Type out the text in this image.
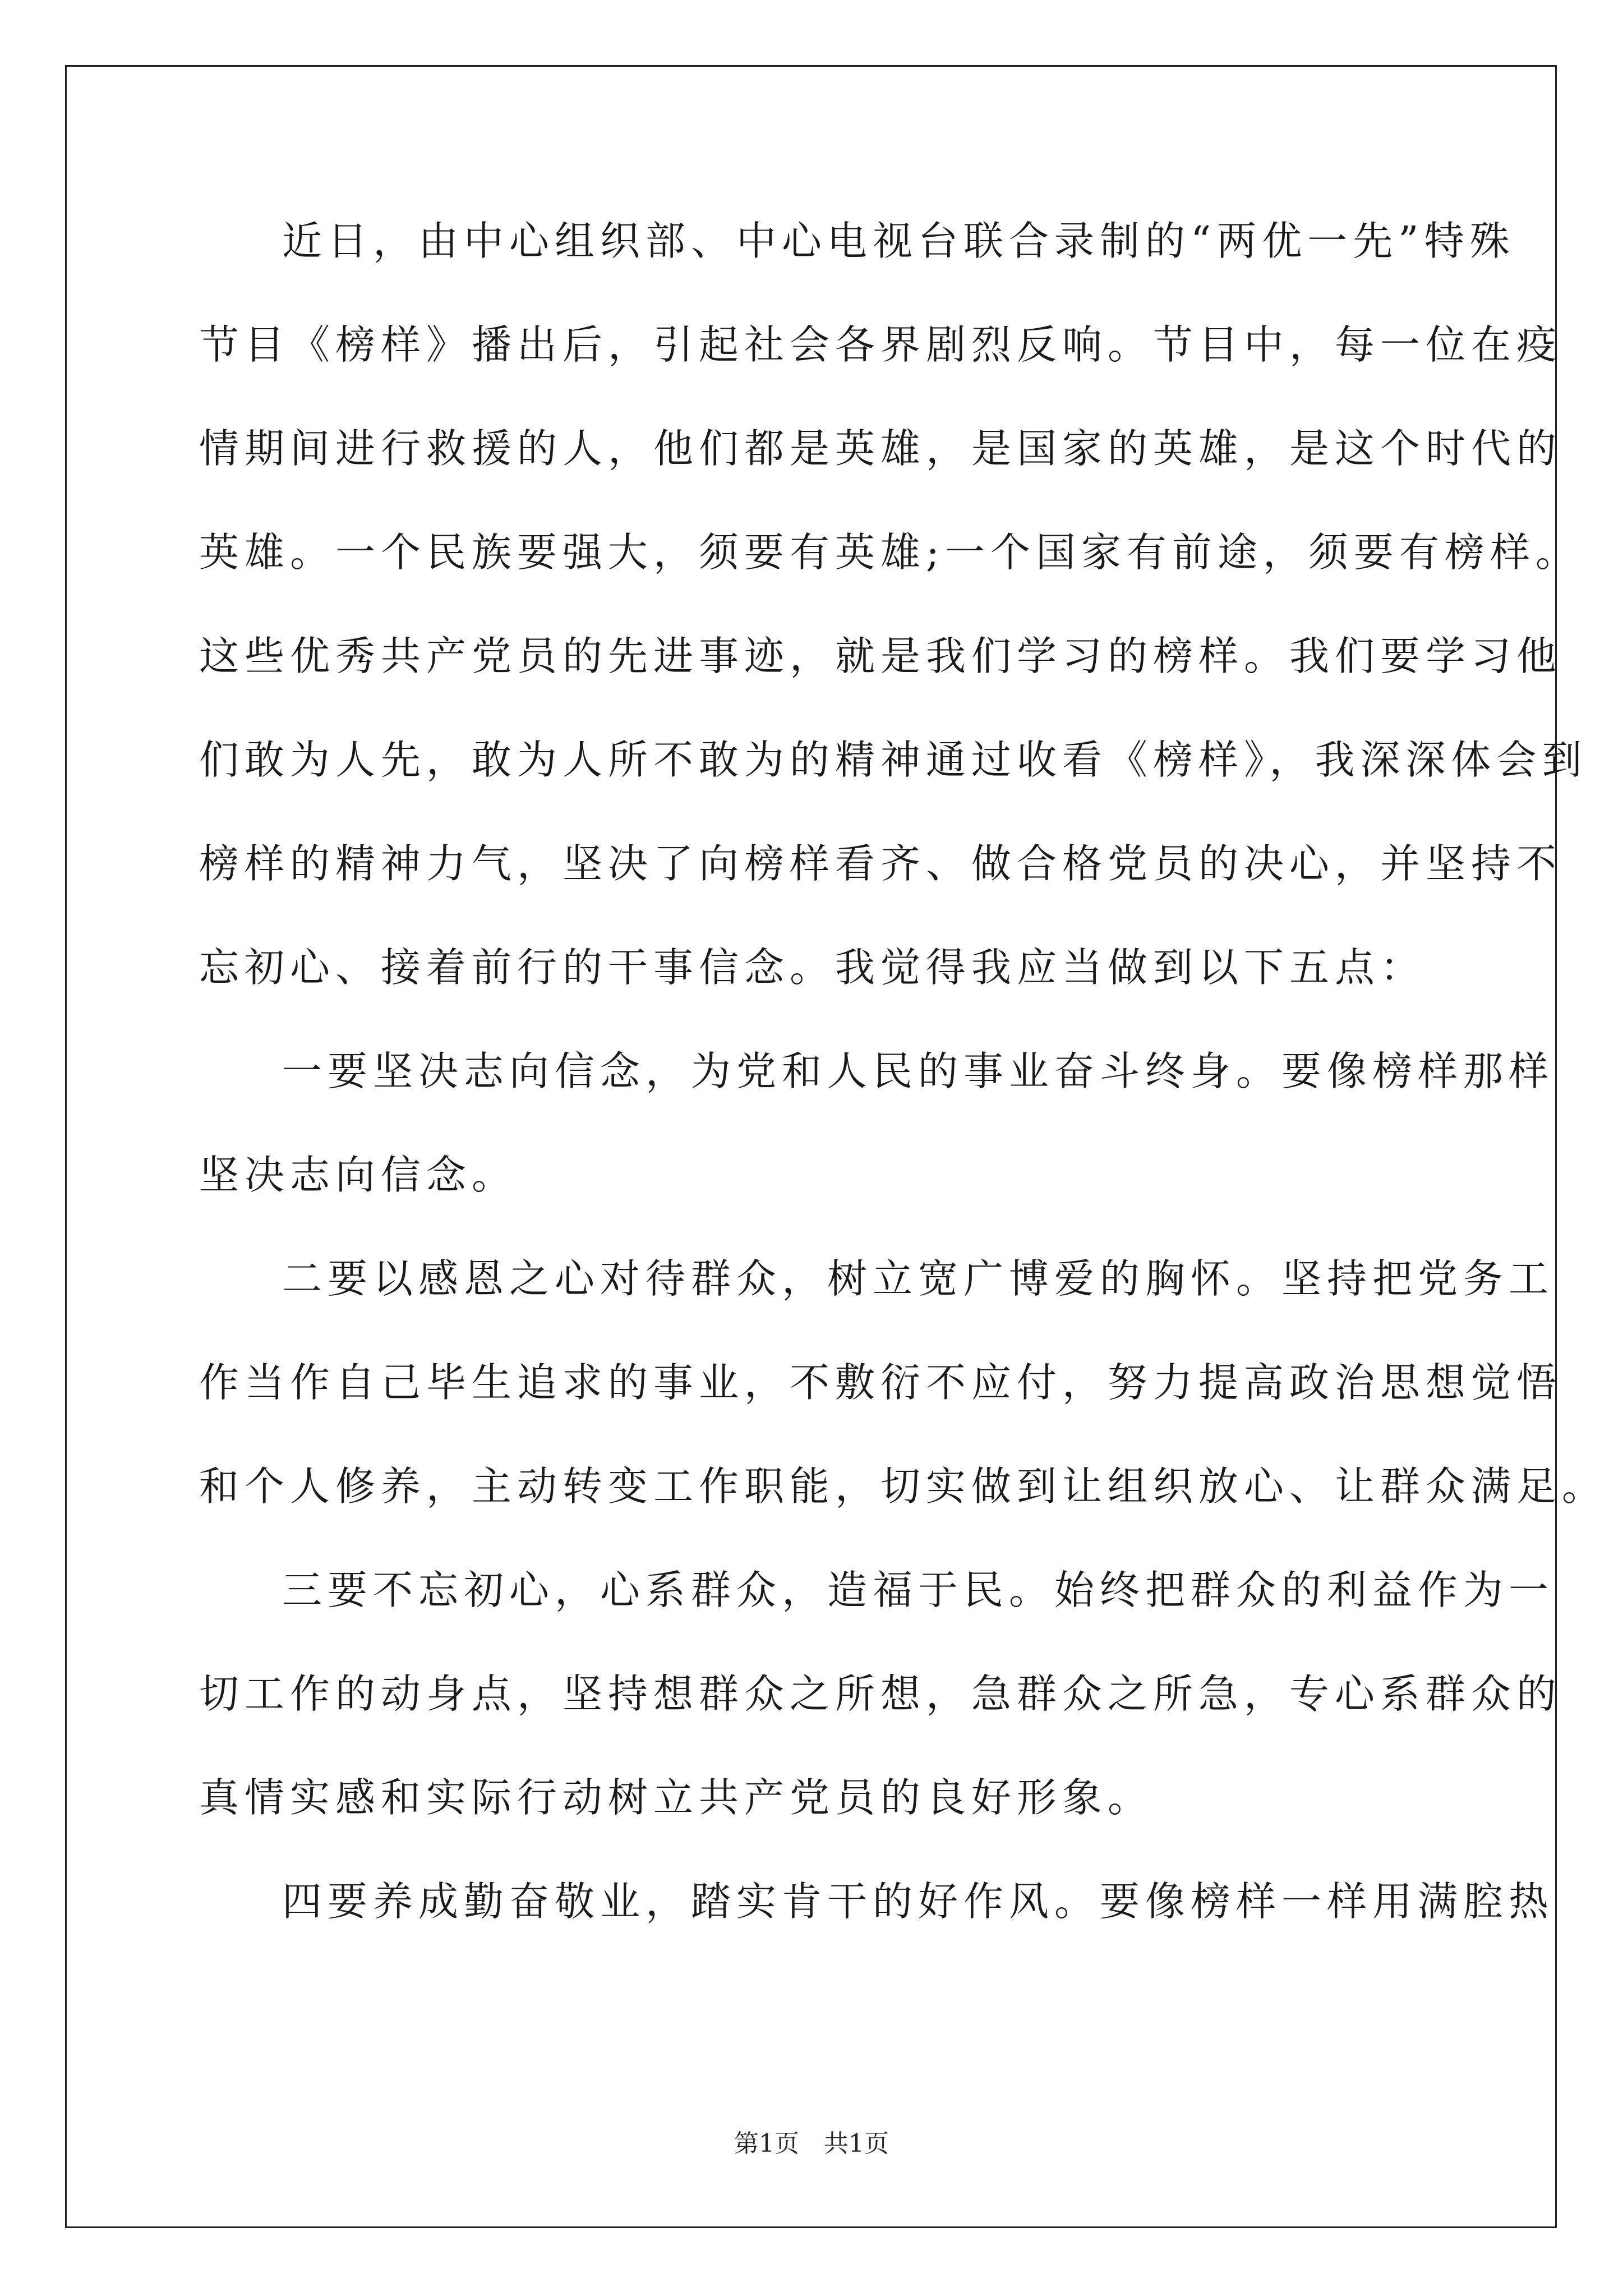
近日，由中心组织部、中心电视台联合录制的“两优一先”特殊
节目《榜样》播出后，引起社会各界剧烈反响。节目中，每一位在疫
情期间进行救援的人，他们都是英雄，是国家的英雄，是这个时代的
英雄。一个民族要强大，须要有英雄;一个国家有前途，须要有榜样。
这些优秀共产党员的先进事迹，就是我们学习的榜样。我们要学习他
们敢为人先，敢为人所不敢为的精神通过收看《榜样》，我深深体会到
榜样的精神力气，坚决了向榜样看齐、做合格党员的决心，并坚持不
忘初心、接着前行的干事信念。我觉得我应当做到以下五点：
一要坚决志向信念，为党和人民的事业奋斗终身。要像榜样那样
坚决志向信念。
二要以感恩之心对待群众，树立宽广博爱的胸怀。坚持把党务工
作当作自己毕生追求的事业，不敷衍不应付，努力提高政治思想觉悟
和个人修养，主动转变工作职能，切实做到让组织放心、让群众满足。
三要不忘初心，心系群众，造福于民。始终把群众的利益作为一
切工作的动身点，坚持想群众之所想，急群众之所急，专心系群众的
真情实感和实际行动树立共产党员的良好形象。
四要养成勤奋敬业，踏实肯干的好作风。要像榜样一样用满腔热
第1页　共1页
